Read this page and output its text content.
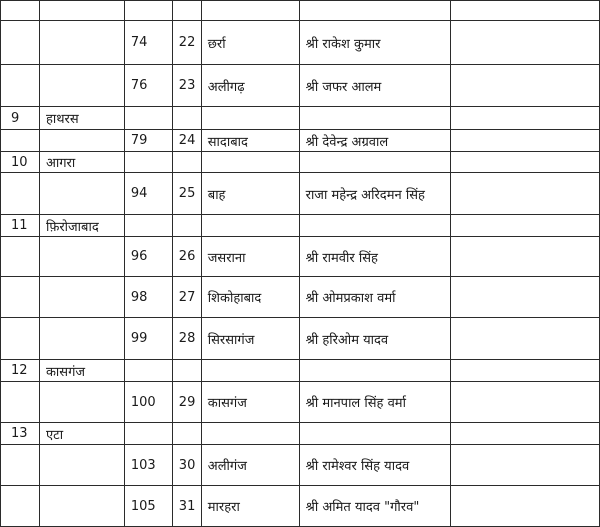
		74	22	छर्रा	श्री राकेश कुमार	
		76	23	अलीगढ़	श्री जफर आलम	
9	हाथरस					
		79	24	सादाबाद	श्री देवेन्द्र अग्रवाल	
10	आगरा					
		94	25	बाह	राजा महेन्द्र अरिदमन सिंह	
11	फ़िरोजाबाद					
		96	26	जसराना	श्री रामवीर सिंह	
		98	27	शिकोहाबाद	श्री ओमप्रकाश वर्मा	
		99	28	सिरसागंज	श्री हरिओम यादव	
12	कासगंज					
		100	29	कासगंज	श्री मानपाल सिंह वर्मा	
13	एटा					
		103	30	अलीगंज	श्री रामेश्वर सिंह यादव	
		105	31	मारहरा	श्री अमित यादव "गौरव"	
